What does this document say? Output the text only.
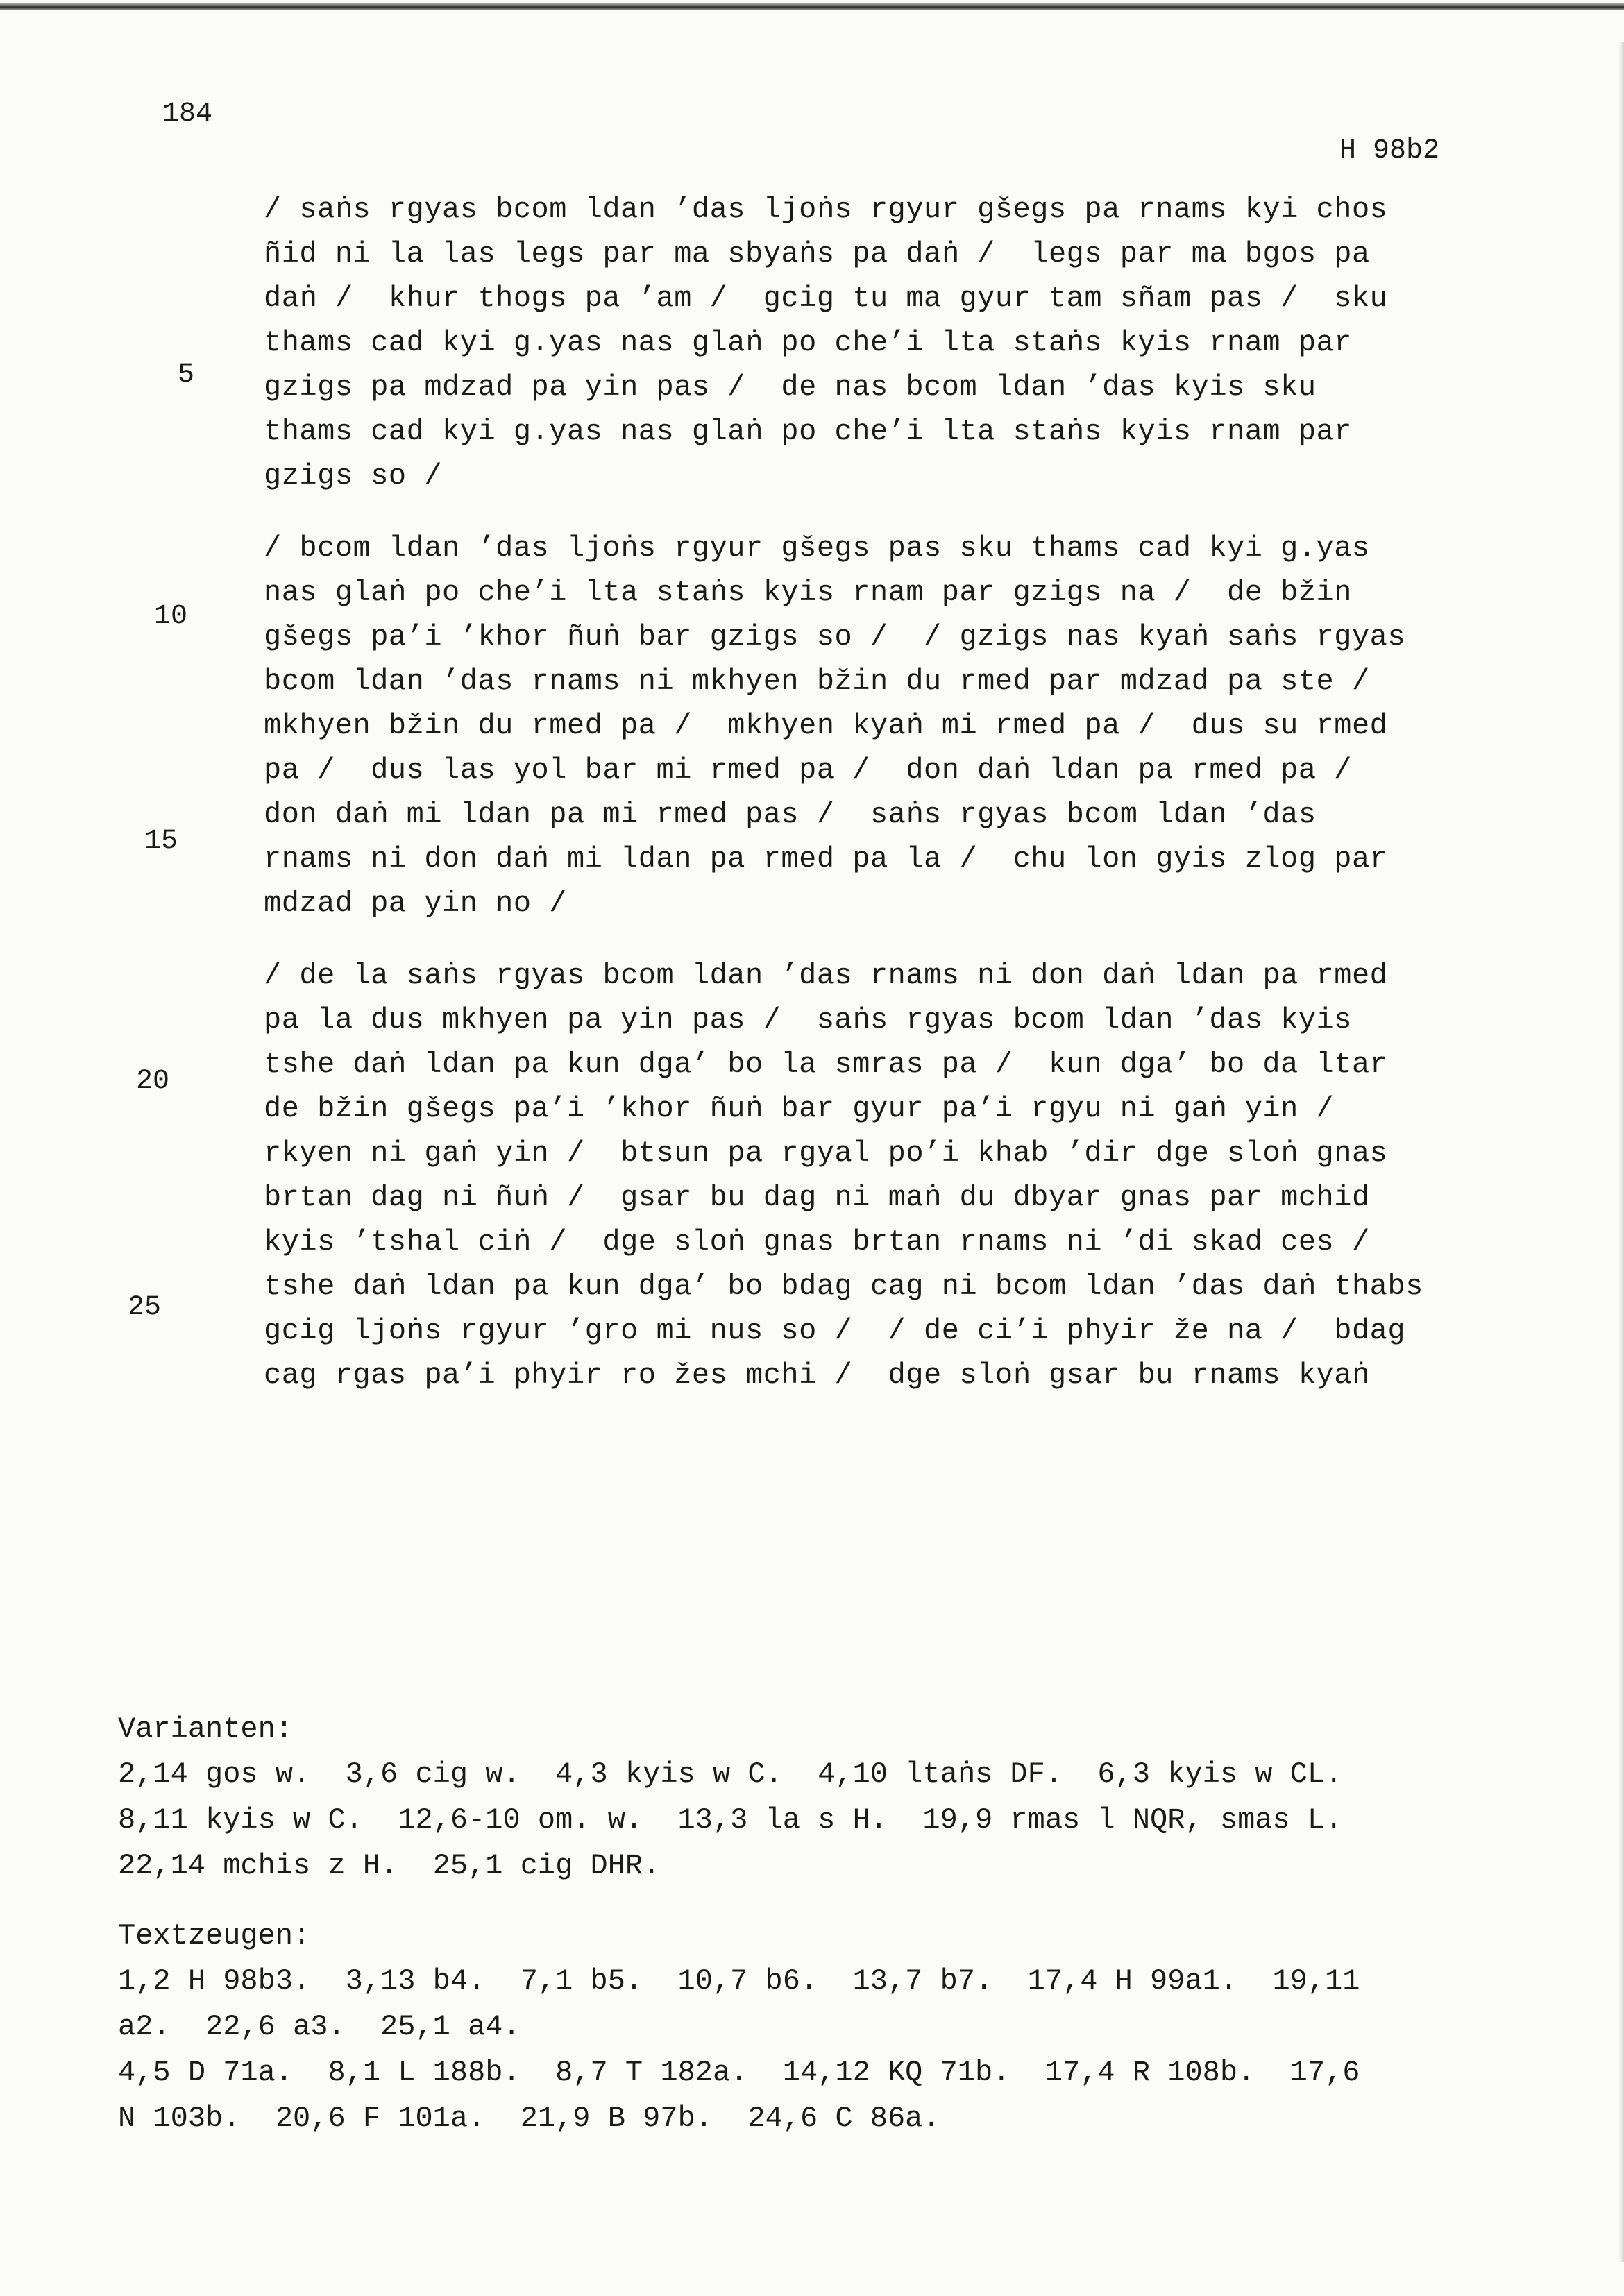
184
H 98b2
5
10
15
20
25

/ saṅs rgyas bcom ldan ’das ljoṅs rgyur gšegs pa rnams kyi chos
ñid ni la las legs par ma sbyaṅs pa daṅ /  legs par ma bgos pa
daṅ /  khur thogs pa ’am /  gcig tu ma gyur tam sñam pas /  sku
thams cad kyi g.yas nas glaṅ po che’i lta staṅs kyis rnam par
gzigs pa mdzad pa yin pas /  de nas bcom ldan ’das kyis sku
thams cad kyi g.yas nas glaṅ po che’i lta staṅs kyis rnam par
gzigs so /

/ bcom ldan ’das ljoṅs rgyur gšegs pas sku thams cad kyi g.yas
nas glaṅ po che’i lta staṅs kyis rnam par gzigs na /  de bžin
gšegs pa’i ’khor ñuṅ bar gzigs so /  / gzigs nas kyaṅ saṅs rgyas
bcom ldan ’das rnams ni mkhyen bžin du rmed par mdzad pa ste /
mkhyen bžin du rmed pa /  mkhyen kyaṅ mi rmed pa /  dus su rmed
pa /  dus las yol bar mi rmed pa /  don daṅ ldan pa rmed pa /
don daṅ mi ldan pa mi rmed pas /  saṅs rgyas bcom ldan ’das
rnams ni don daṅ mi ldan pa rmed pa la /  chu lon gyis zlog par
mdzad pa yin no /

/ de la saṅs rgyas bcom ldan ’das rnams ni don daṅ ldan pa rmed
pa la dus mkhyen pa yin pas /  saṅs rgyas bcom ldan ’das kyis
tshe daṅ ldan pa kun dga’ bo la smras pa /  kun dga’ bo da ltar
de bžin gšegs pa’i ’khor ñuṅ bar gyur pa’i rgyu ni gaṅ yin /
rkyen ni gaṅ yin /  btsun pa rgyal po’i khab ’dir dge sloṅ gnas
brtan dag ni ñuṅ /  gsar bu dag ni maṅ du dbyar gnas par mchid
kyis ’tshal ciṅ /  dge sloṅ gnas brtan rnams ni ’di skad ces /
tshe daṅ ldan pa kun dga’ bo bdag cag ni bcom ldan ’das daṅ thabs
gcig ljoṅs rgyur ’gro mi nus so /  / de ci’i phyir že na /  bdag
cag rgas pa’i phyir ro žes mchi /  dge sloṅ gsar bu rnams kyaṅ

Varianten:
2,14 gos w.  3,6 cig w.  4,3 kyis w C.  4,10 ltaṅs DF.  6,3 kyis w CL.
8,11 kyis w C.  12,6-10 om. w.  13,3 la s H.  19,9 rmas l NQR, smas L.
22,14 mchis z H.  25,1 cig DHR.
Textzeugen:
1,2 H 98b3.  3,13 b4.  7,1 b5.  10,7 b6.  13,7 b7.  17,4 H 99a1.  19,11
a2.  22,6 a3.  25,1 a4.
4,5 D 71a.  8,1 L 188b.  8,7 T 182a.  14,12 KQ 71b.  17,4 R 108b.  17,6
N 103b.  20,6 F 101a.  21,9 B 97b.  24,6 C 86a.
